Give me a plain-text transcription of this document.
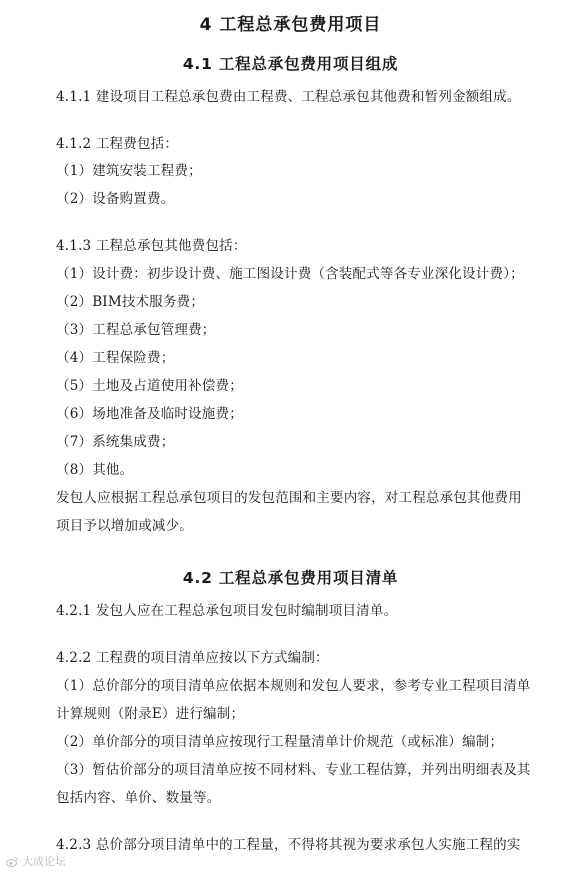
4 工程总承包费用项目
4.1 工程总承包费用项目组成
4.1.1 建设项目工程总承包费由工程费、工程总承包其他费和暂列金额组成。
4.1.2 工程费包括：
（1）建筑安装工程费；
（2）设备购置费。
4.1.3 工程总承包其他费包括：
（1）设计费：初步设计费、施工图设计费（含装配式等各专业深化设计费）；
（2）BIM技术服务费；
（3）工程总承包管理费；
（4）工程保险费；
（5）土地及占道使用补偿费；
（6）场地准备及临时设施费；
（7）系统集成费；
（8）其他。
发包人应根据工程总承包项目的发包范围和主要内容，对工程总承包其他费用
项目予以增加或减少。
4.2 工程总承包费用项目清单
4.2.1 发包人应在工程总承包项目发包时编制项目清单。
4.2.2 工程费的项目清单应按以下方式编制：
（1）总价部分的项目清单应依据本规则和发包人要求，参考专业工程项目清单
计算规则（附录E）进行编制；
（2）单价部分的项目清单应按现行工程量清单计价规范（或标准）编制；
（3）暂估价部分的项目清单应按不同材料、专业工程估算，并列出明细表及其
包括内容、单价、数量等。
4.2.3 总价部分项目清单中的工程量，不得将其视为要求承包人实施工程的实
大成论坛
